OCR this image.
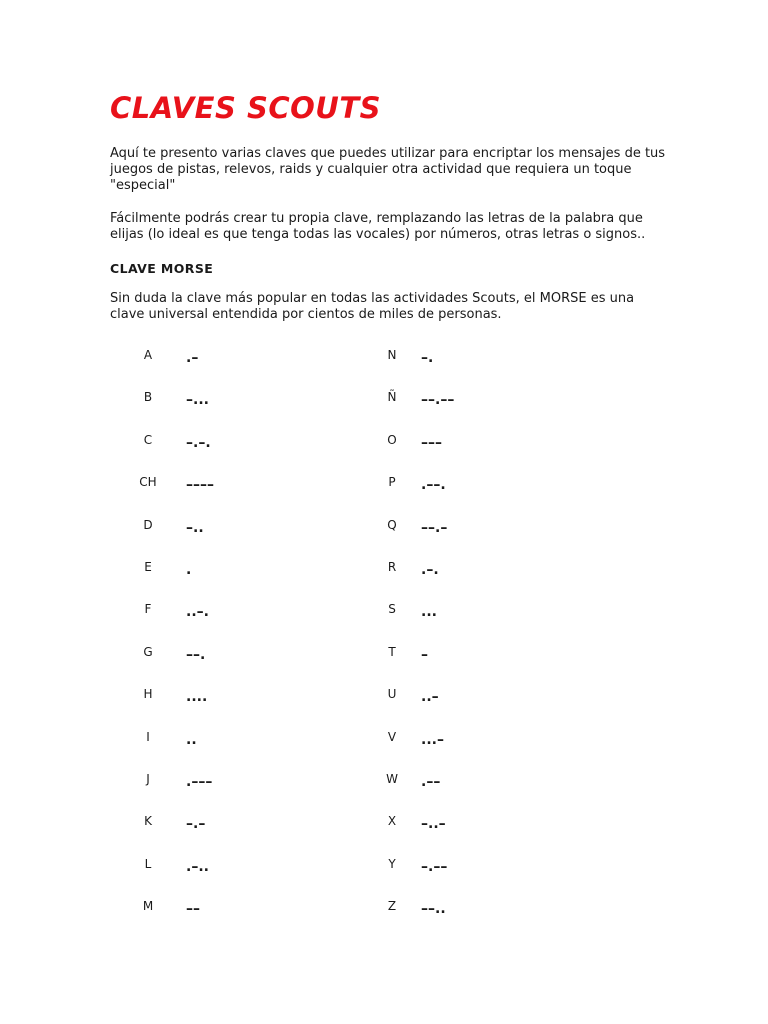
CLAVES SCOUTS

Aquí te presento varias claves que puedes utilizar para encriptar los mensajes de tus juegos de pistas, relevos, raids y cualquier otra actividad que requiera un toque "especial"

Fácilmente podrás crear tu propia clave, remplazando las letras de la palabra que elijas (lo ideal es que tenga todas las vocales) por números, otras letras o signos..

CLAVE MORSE

Sin duda la clave más popular en todas las actividades Scouts, el MORSE es una clave universal entendida por cientos de miles de personas.

A	.–
B	–...
C	–.–.
CH	––––
D	–..
E	.
F	..–.
G	––.
H	....
I	..
J	.–––
K	–.–
L	.–..
M	––
N	–.
Ñ	––.––
O	–––
P	.––.
Q	––.–
R	.–.
S	...
T	–
U	..–
V	...–
W	.––
X	–..–
Y	–.––
Z	––..
